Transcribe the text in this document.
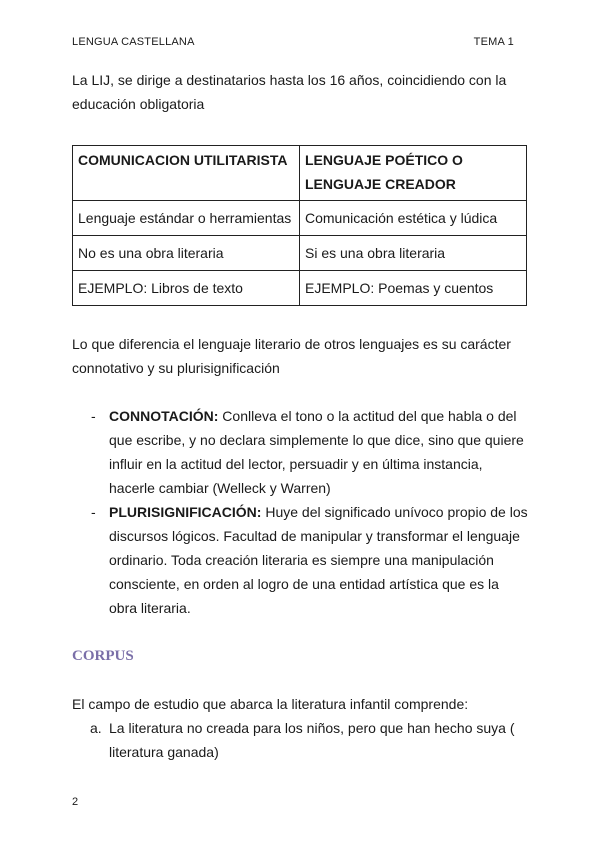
LENGUA CASTELLANA	TEMA 1

La LIJ, se dirige a destinatarios hasta los 16 años, coincidiendo con la educación obligatoria

COMUNICACION UTILITARISTA	LENGUAJE POÉTICO O LENGUAJE CREADOR
Lenguaje estándar o herramientas	Comunicación estética y lúdica
No es una obra literaria	Si es una obra literaria
EJEMPLO: Libros de texto	EJEMPLO: Poemas y cuentos

Lo que diferencia el lenguaje literario de otros lenguajes es su carácter connotativo y su plurisignificación

- CONNOTACIÓN: Conlleva el tono o la actitud del que habla o del que escribe, y no declara simplemente lo que dice, sino que quiere influir en la actitud del lector, persuadir y en última instancia, hacerle cambiar (Welleck y Warren)
- PLURISIGNIFICACIÓN: Huye del significado unívoco propio de los discursos lógicos. Facultad de manipular y transformar el lenguaje ordinario. Toda creación literaria es siempre una manipulación consciente, en orden al logro de una entidad artística que es la obra literaria.
CORPUS

El campo de estudio que abarca la literatura infantil comprende:

a. La literatura no creada para los niños, pero que han hecho suya ( literatura ganada)
2
